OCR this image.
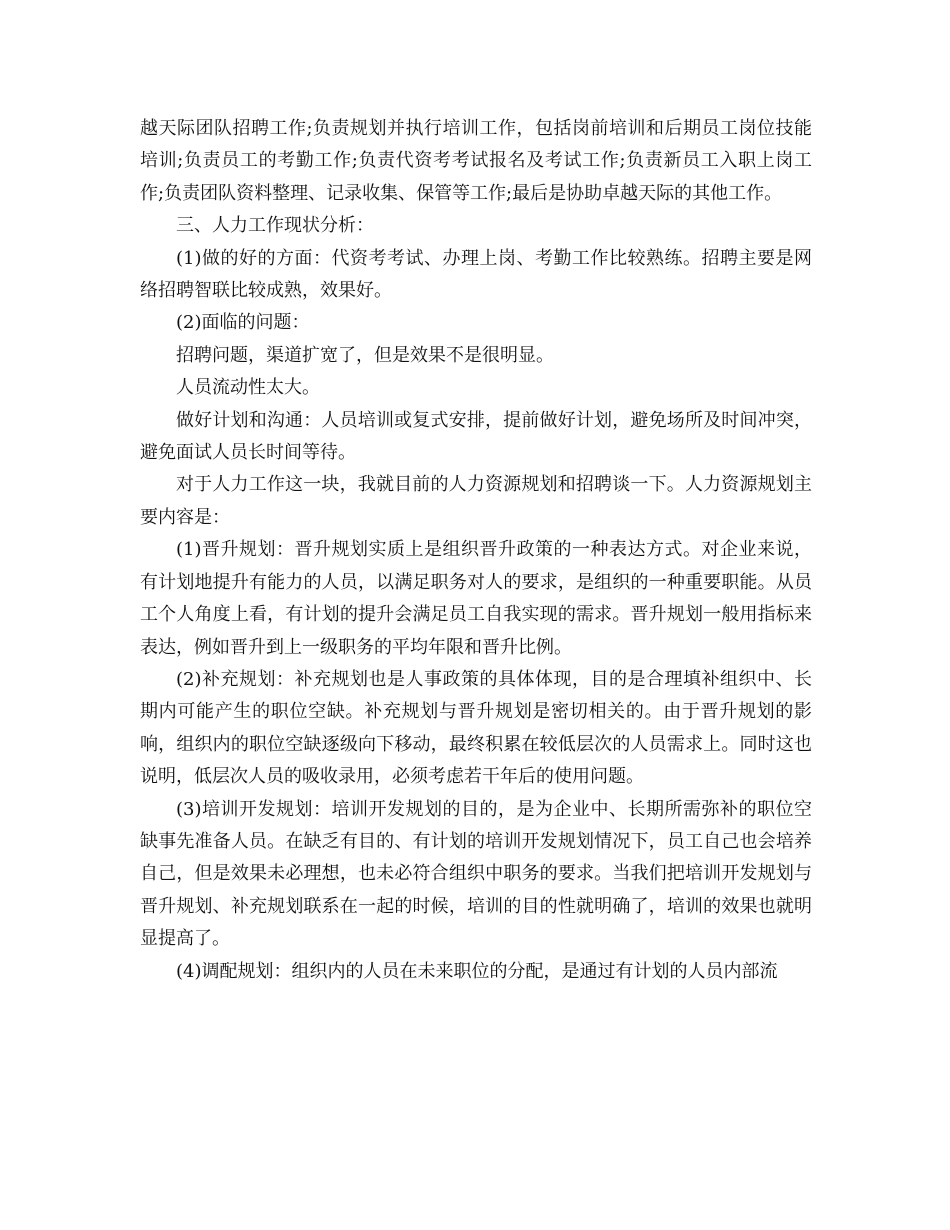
越天际团队招聘工作;负责规划并执行培训工作，包括岗前培训和后期员工岗位技能培训;负责员工的考勤工作;负责代资考考试报名及考试工作;负责新员工入职上岗工作;负责团队资料整理、记录收集、保管等工作;最后是协助卓越天际的其他工作。

三、人力工作现状分析：

(1)做的好的方面：代资考考试、办理上岗、考勤工作比较熟练。招聘主要是网络招聘智联比较成熟，效果好。

(2)面临的问题：

招聘问题，渠道扩宽了，但是效果不是很明显。

人员流动性太大。

做好计划和沟通：人员培训或复式安排，提前做好计划，避免场所及时间冲突，避免面试人员长时间等待。

对于人力工作这一块，我就目前的人力资源规划和招聘谈一下。人力资源规划主要内容是：

(1)晋升规划：晋升规划实质上是组织晋升政策的一种表达方式。对企业来说，有计划地提升有能力的人员，以满足职务对人的要求，是组织的一种重要职能。从员工个人角度上看，有计划的提升会满足员工自我实现的需求。晋升规划一般用指标来表达，例如晋升到上一级职务的平均年限和晋升比例。

(2)补充规划：补充规划也是人事政策的具体体现，目的是合理填补组织中、长期内可能产生的职位空缺。补充规划与晋升规划是密切相关的。由于晋升规划的影响，组织内的职位空缺逐级向下移动，最终积累在较低层次的人员需求上。同时这也说明，低层次人员的吸收录用，必须考虑若干年后的使用问题。

(3)培训开发规划：培训开发规划的目的，是为企业中、长期所需弥补的职位空缺事先准备人员。在缺乏有目的、有计划的培训开发规划情况下，员工自己也会培养自己，但是效果未必理想，也未必符合组织中职务的要求。当我们把培训开发规划与晋升规划、补充规划联系在一起的时候，培训的目的性就明确了，培训的效果也就明显提高了。

(4)调配规划：组织内的人员在未来职位的分配，是通过有计划的人员内部流
